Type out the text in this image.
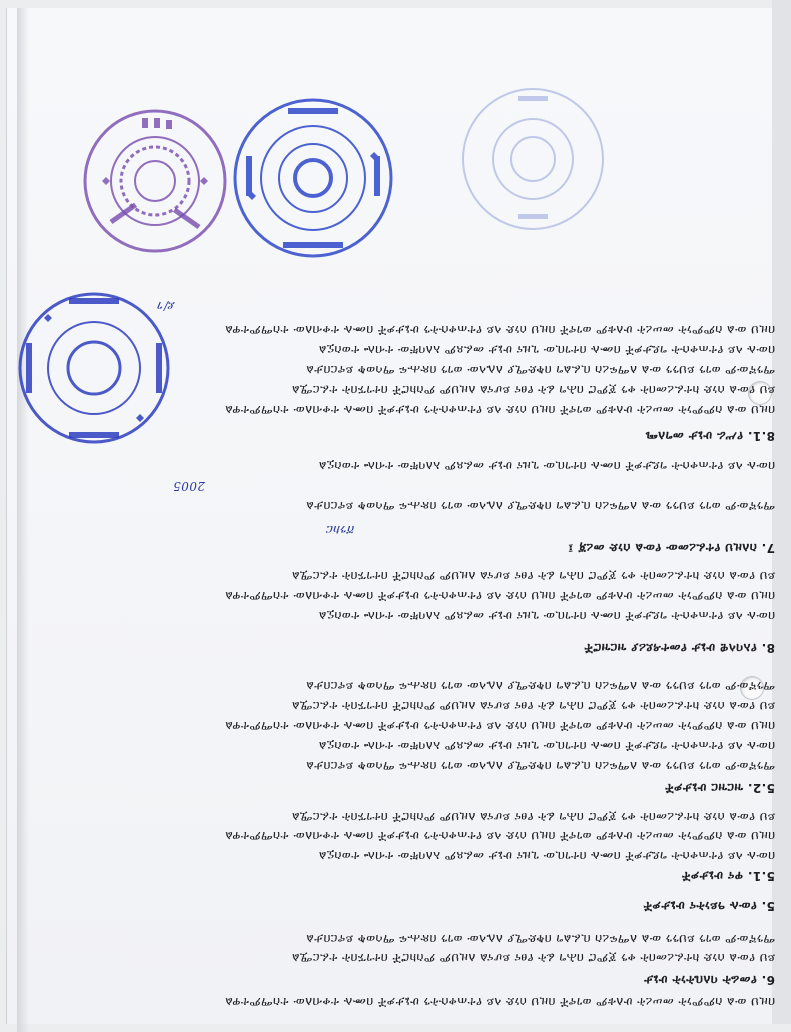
በዚህ ውል ስምምነት መሠረት ሁለቱም ወገኖች በዚህ ሰነድ ላይ የተጠቀሱትን ሁኔታዎች በሙሉ ተቀብለው ተስማምተዋል
6. የመሬት ባለቤትነት ሁኔታ
ይህ የውል ሰነድ ከተፈረመበት ቀን ጀምሮ በሕግ ፊት የፀና ይሆናል ለዚህም ምስክሮች በተገኙበት ተፈርሟል
ማንኛውም ወገን ይህንን ውል ለማፍረስ ቢፈልግ በቅድሚያ ለሌላው ወገን በጽሑፍ ማሳወቅ ይኖርበታል
5. የውሉ ዓይነትና ሁኔታዎች
5.1. ዋና ሁኔታዎች
በውሉ ላይ የተጠቀሱት ግዴታዎች በሙሉ በተገቢው ጊዜና ሁኔታ መፈጸም አለባቸው ተብሎ ተወስኗል
በዚህ ውል ስምምነት መሠረት ሁለቱም ወገኖች በዚህ ሰነድ ላይ የተጠቀሱትን ሁኔታዎች በሙሉ ተቀብለው ተስማምተዋል
ይህ የውል ሰነድ ከተፈረመበት ቀን ጀምሮ በሕግ ፊት የፀና ይሆናል ለዚህም ምስክሮች በተገኙበት ተፈርሟል
5.2. ዝርዝር ሁኔታዎች
ማንኛውም ወገን ይህንን ውል ለማፍረስ ቢፈልግ በቅድሚያ ለሌላው ወገን በጽሑፍ ማሳወቅ ይኖርበታል
በውሉ ላይ የተጠቀሱት ግዴታዎች በሙሉ በተገቢው ጊዜና ሁኔታ መፈጸም አለባቸው ተብሎ ተወስኗል
በዚህ ውል ስምምነት መሠረት ሁለቱም ወገኖች በዚህ ሰነድ ላይ የተጠቀሱትን ሁኔታዎች በሙሉ ተቀብለው ተስማምተዋል
ይህ የውል ሰነድ ከተፈረመበት ቀን ጀምሮ በሕግ ፊት የፀና ይሆናል ለዚህም ምስክሮች በተገኙበት ተፈርሟል
ማንኛውም ወገን ይህንን ውል ለማፍረስ ቢፈልግ በቅድሚያ ለሌላው ወገን በጽሑፍ ማሳወቅ ይኖርበታል
8. የአባላዊ ሁኔታ የመተዳደሪያ ዝርዝሮች
በውሉ ላይ የተጠቀሱት ግዴታዎች በሙሉ በተገቢው ጊዜና ሁኔታ መፈጸም አለባቸው ተብሎ ተወስኗል
በዚህ ውል ስምምነት መሠረት ሁለቱም ወገኖች በዚህ ሰነድ ላይ የተጠቀሱትን ሁኔታዎች በሙሉ ተቀብለው ተስማምተዋል
ይህ የውል ሰነድ ከተፈረመበት ቀን ጀምሮ በሕግ ፊት የፀና ይሆናል ለዚህም ምስክሮች በተገኙበት ተፈርሟል
7. ስለዚህ የተፈረመው የውል ሰነድ መረጃ ፤
ሸንክር
ማንኛውም ወገን ይህንን ውል ለማፍረስ ቢፈልግ በቅድሚያ ለሌላው ወገን በጽሑፍ ማሳወቅ ይኖርበታል
2005
በውሉ ላይ የተጠቀሱት ግዴታዎች በሙሉ በተገቢው ጊዜና ሁኔታ መፈጸም አለባቸው ተብሎ ተወስኗል
8.1. የሥራ ሁኔታ መግለጫ
በዚህ ውል ስምምነት መሠረት ሁለቱም ወገኖች በዚህ ሰነድ ላይ የተጠቀሱትን ሁኔታዎች በሙሉ ተቀብለው ተስማምተዋል
ይህ የውል ሰነድ ከተፈረመበት ቀን ጀምሮ በሕግ ፊት የፀና ይሆናል ለዚህም ምስክሮች በተገኙበት ተፈርሟል
ማንኛውም ወገን ይህንን ውል ለማፍረስ ቢፈልግ በቅድሚያ ለሌላው ወገን በጽሑፍ ማሳወቅ ይኖርበታል
በውሉ ላይ የተጠቀሱት ግዴታዎች በሙሉ በተገቢው ጊዜና ሁኔታ መፈጸም አለባቸው ተብሎ ተወስኗል
በዚህ ውል ስምምነት መሠረት ሁለቱም ወገኖች በዚህ ሰነድ ላይ የተጠቀሱትን ሁኔታዎች በሙሉ ተቀብለው ተስማምተዋል
ደ/ገ
